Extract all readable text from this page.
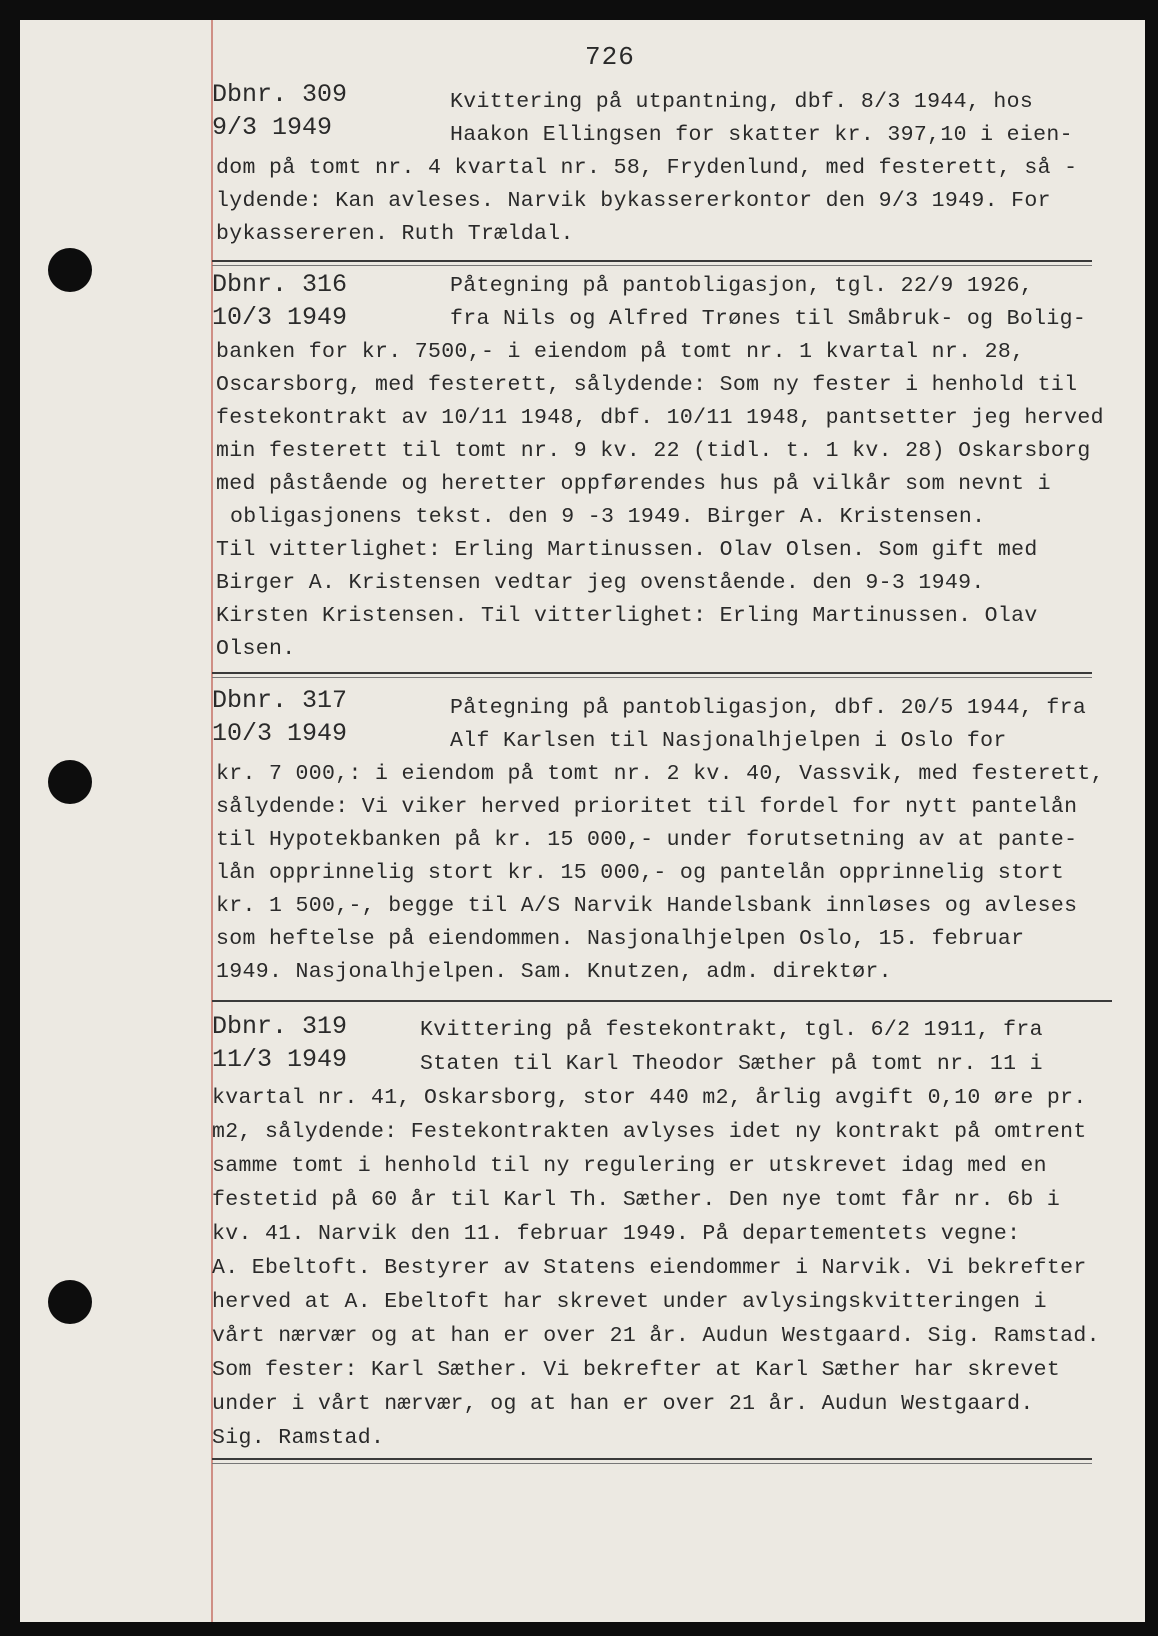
726
Dbnr. 309
9/3 1949
Kvittering på utpantning, dbf. 8/3 1944, hos
Haakon Ellingsen for skatter kr. 397,10 i eien-
dom på tomt nr. 4 kvartal nr. 58, Frydenlund, med festerett, så -
lydende: Kan avleses. Narvik bykassererkontor den 9/3 1949. For
bykassereren. Ruth Trældal.
Dbnr. 316
10/3 1949
Påtegning på pantobligasjon, tgl. 22/9 1926,
fra Nils og Alfred Trønes til Småbruk- og Bolig-
banken for kr. 7500,- i eiendom på tomt nr. 1 kvartal nr. 28,
Oscarsborg, med festerett, sålydende: Som ny fester i henhold til
festekontrakt av 10/11 1948, dbf. 10/11 1948, pantsetter jeg herved
min festerett til tomt nr. 9 kv. 22 (tidl. t. 1 kv. 28) Oskarsborg
med påstående og heretter oppførendes hus på vilkår som nevnt i
obligasjonens tekst. den 9 -3 1949. Birger A. Kristensen.
Til vitterlighet: Erling Martinussen. Olav Olsen. Som gift med
Birger A. Kristensen vedtar jeg ovenstående. den 9-3 1949.
Kirsten Kristensen. Til vitterlighet: Erling Martinussen. Olav
Olsen.
Dbnr. 317
10/3 1949
Påtegning på pantobligasjon, dbf. 20/5 1944, fra
Alf Karlsen til Nasjonalhjelpen i Oslo for
kr. 7 000,: i eiendom på tomt nr. 2 kv. 40, Vassvik, med festerett,
sålydende: Vi viker herved prioritet til fordel for nytt pantelån
til Hypotekbanken på kr. 15 000,- under forutsetning av at pante-
lån opprinnelig stort kr. 15 000,- og pantelån opprinnelig stort
kr. 1 500,-, begge til A/S Narvik Handelsbank innløses og avleses
som heftelse på eiendommen. Nasjonalhjelpen Oslo, 15. februar
1949. Nasjonalhjelpen. Sam. Knutzen, adm. direktør.
Dbnr. 319
11/3 1949
Kvittering på festekontrakt, tgl. 6/2 1911, fra
Staten til Karl Theodor Sæther på tomt nr. 11 i
kvartal nr. 41, Oskarsborg, stor 440 m2, årlig avgift 0,10 øre pr.
m2, sålydende: Festekontrakten avlyses idet ny kontrakt på omtrent
samme tomt i henhold til ny regulering er utskrevet idag med en
festetid på 60 år til Karl Th. Sæther. Den nye tomt får nr. 6b i
kv. 41. Narvik den 11. februar 1949. På departementets vegne:
A. Ebeltoft. Bestyrer av Statens eiendommer i Narvik. Vi bekrefter
herved at A. Ebeltoft har skrevet under avlysingskvitteringen i
vårt nærvær og at han er over 21 år. Audun Westgaard. Sig. Ramstad.
Som fester: Karl Sæther. Vi bekrefter at Karl Sæther har skrevet
under i vårt nærvær, og at han er over 21 år. Audun Westgaard.
Sig. Ramstad.
